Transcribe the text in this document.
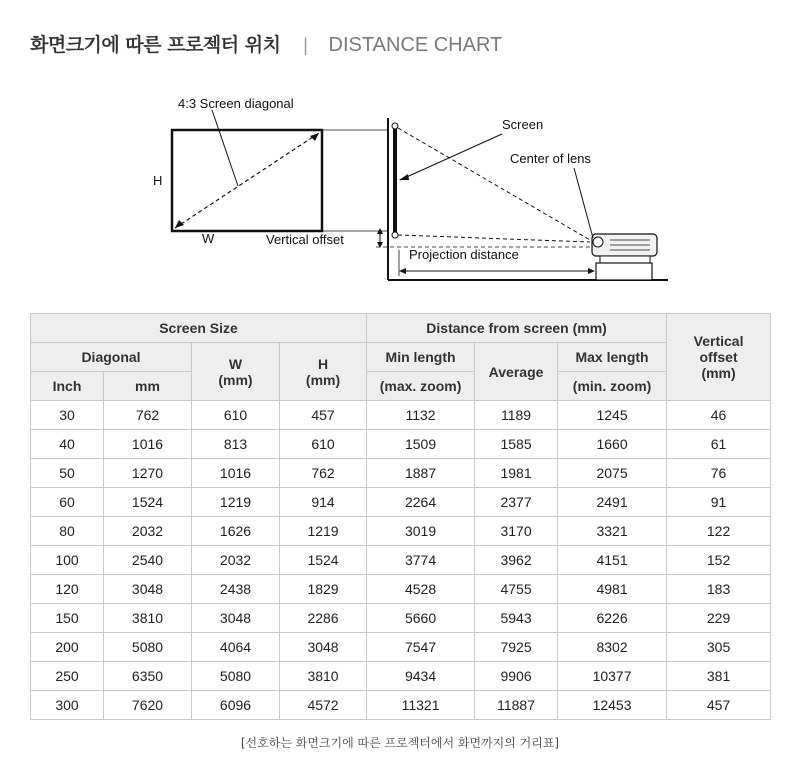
화면크기에 따른 프로젝터 위치 | DISTANCE CHART
4:3 Screen diagonal
H
W	Vertical offset
Projection distance
Screen
Center of lens
Screen Size				Distance from screen (mm)			Vertical offset (mm)
Diagonal		W (mm)	H (mm)	Min length	Average	Max length	
Inch	mm			(max. zoom)		(min. zoom)	
30	762	610	457	1132	1189	1245	46
40	1016	813	610	1509	1585	1660	61
50	1270	1016	762	1887	1981	2075	76
60	1524	1219	914	2264	2377	2491	91
80	2032	1626	1219	3019	3170	3321	122
100	2540	2032	1524	3774	3962	4151	152
120	3048	2438	1829	4528	4755	4981	183
150	3810	3048	2286	5660	5943	6226	229
200	5080	4064	3048	7547	7925	8302	305
250	6350	5080	3810	9434	9906	10377	381
300	7620	6096	4572	11321	11887	12453	457
[선호하는 화면크기에 따른 프로젝터에서 화면까지의 거리표]
